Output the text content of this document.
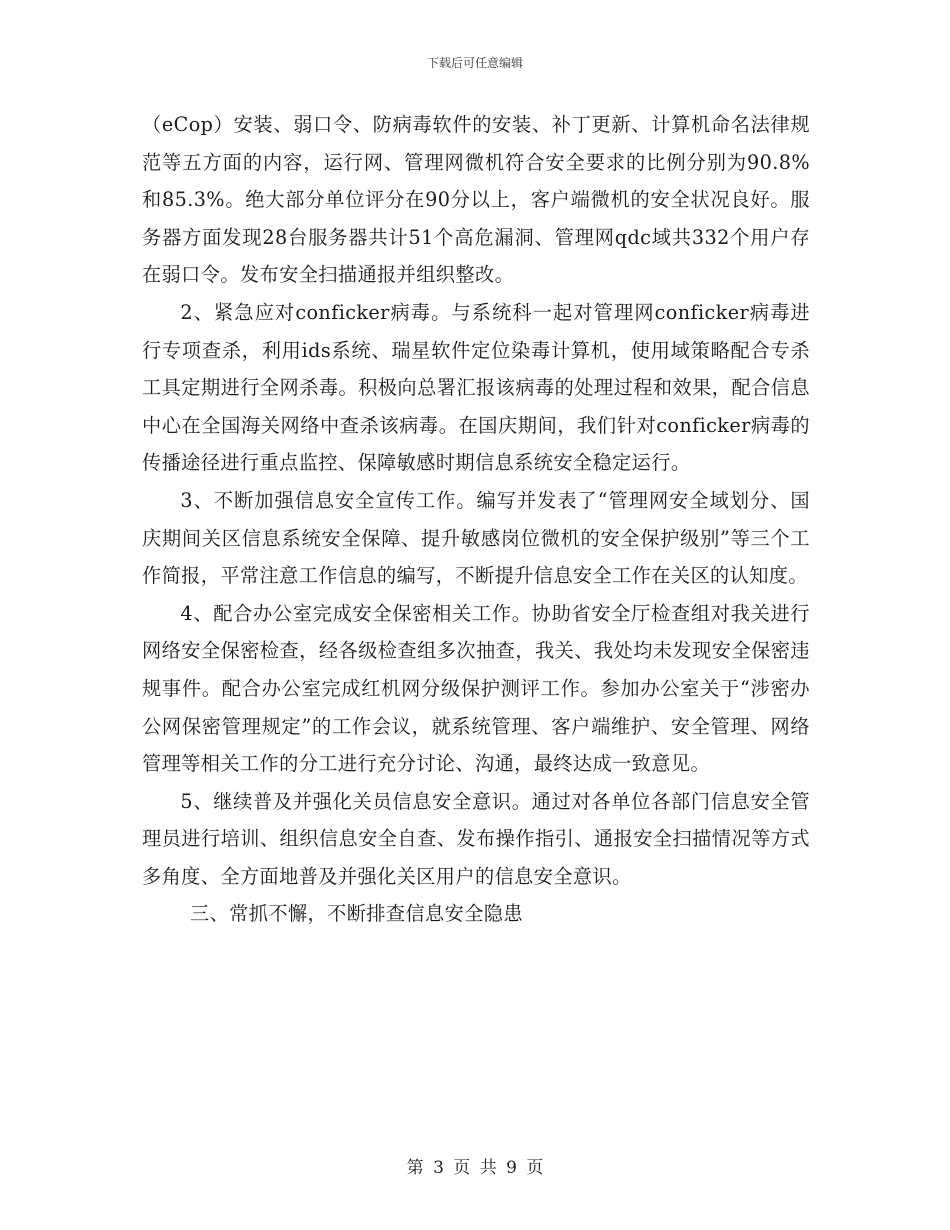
下载后可任意编辑

（eCop）安装、弱口令、防病毒软件的安装、补丁更新、计算机命名法律规范等五方面的内容，运行网、管理网微机符合安全要求的比例分别为90.8%和85.3%。绝大部分单位评分在90分以上，客户端微机的安全状况良好。服务器方面发现28台服务器共计51个高危漏洞、管理网qdc域共332个用户存在弱口令。发布安全扫描通报并组织整改。

2、紧急应对conficker病毒。与系统科一起对管理网conficker病毒进行专项查杀，利用ids系统、瑞星软件定位染毒计算机，使用域策略配合专杀工具定期进行全网杀毒。积极向总署汇报该病毒的处理过程和效果，配合信息中心在全国海关网络中查杀该病毒。在国庆期间，我们针对conficker病毒的传播途径进行重点监控、保障敏感时期信息系统安全稳定运行。

3、不断加强信息安全宣传工作。编写并发表了“管理网安全域划分、国庆期间关区信息系统安全保障、提升敏感岗位微机的安全保护级别”等三个工作简报，平常注意工作信息的编写，不断提升信息安全工作在关区的认知度。

4、配合办公室完成安全保密相关工作。协助省安全厅检查组对我关进行网络安全保密检查，经各级检查组多次抽查，我关、我处均未发现安全保密违规事件。配合办公室完成红机网分级保护测评工作。参加办公室关于“涉密办公网保密管理规定”的工作会议，就系统管理、客户端维护、安全管理、网络管理等相关工作的分工进行充分讨论、沟通，最终达成一致意见。

5、继续普及并强化关员信息安全意识。通过对各单位各部门信息安全管理员进行培训、组织信息安全自查、发布操作指引、通报安全扫描情况等方式多角度、全方面地普及并强化关区用户的信息安全意识。

三、常抓不懈，不断排查信息安全隐患

第 3 页 共 9 页
